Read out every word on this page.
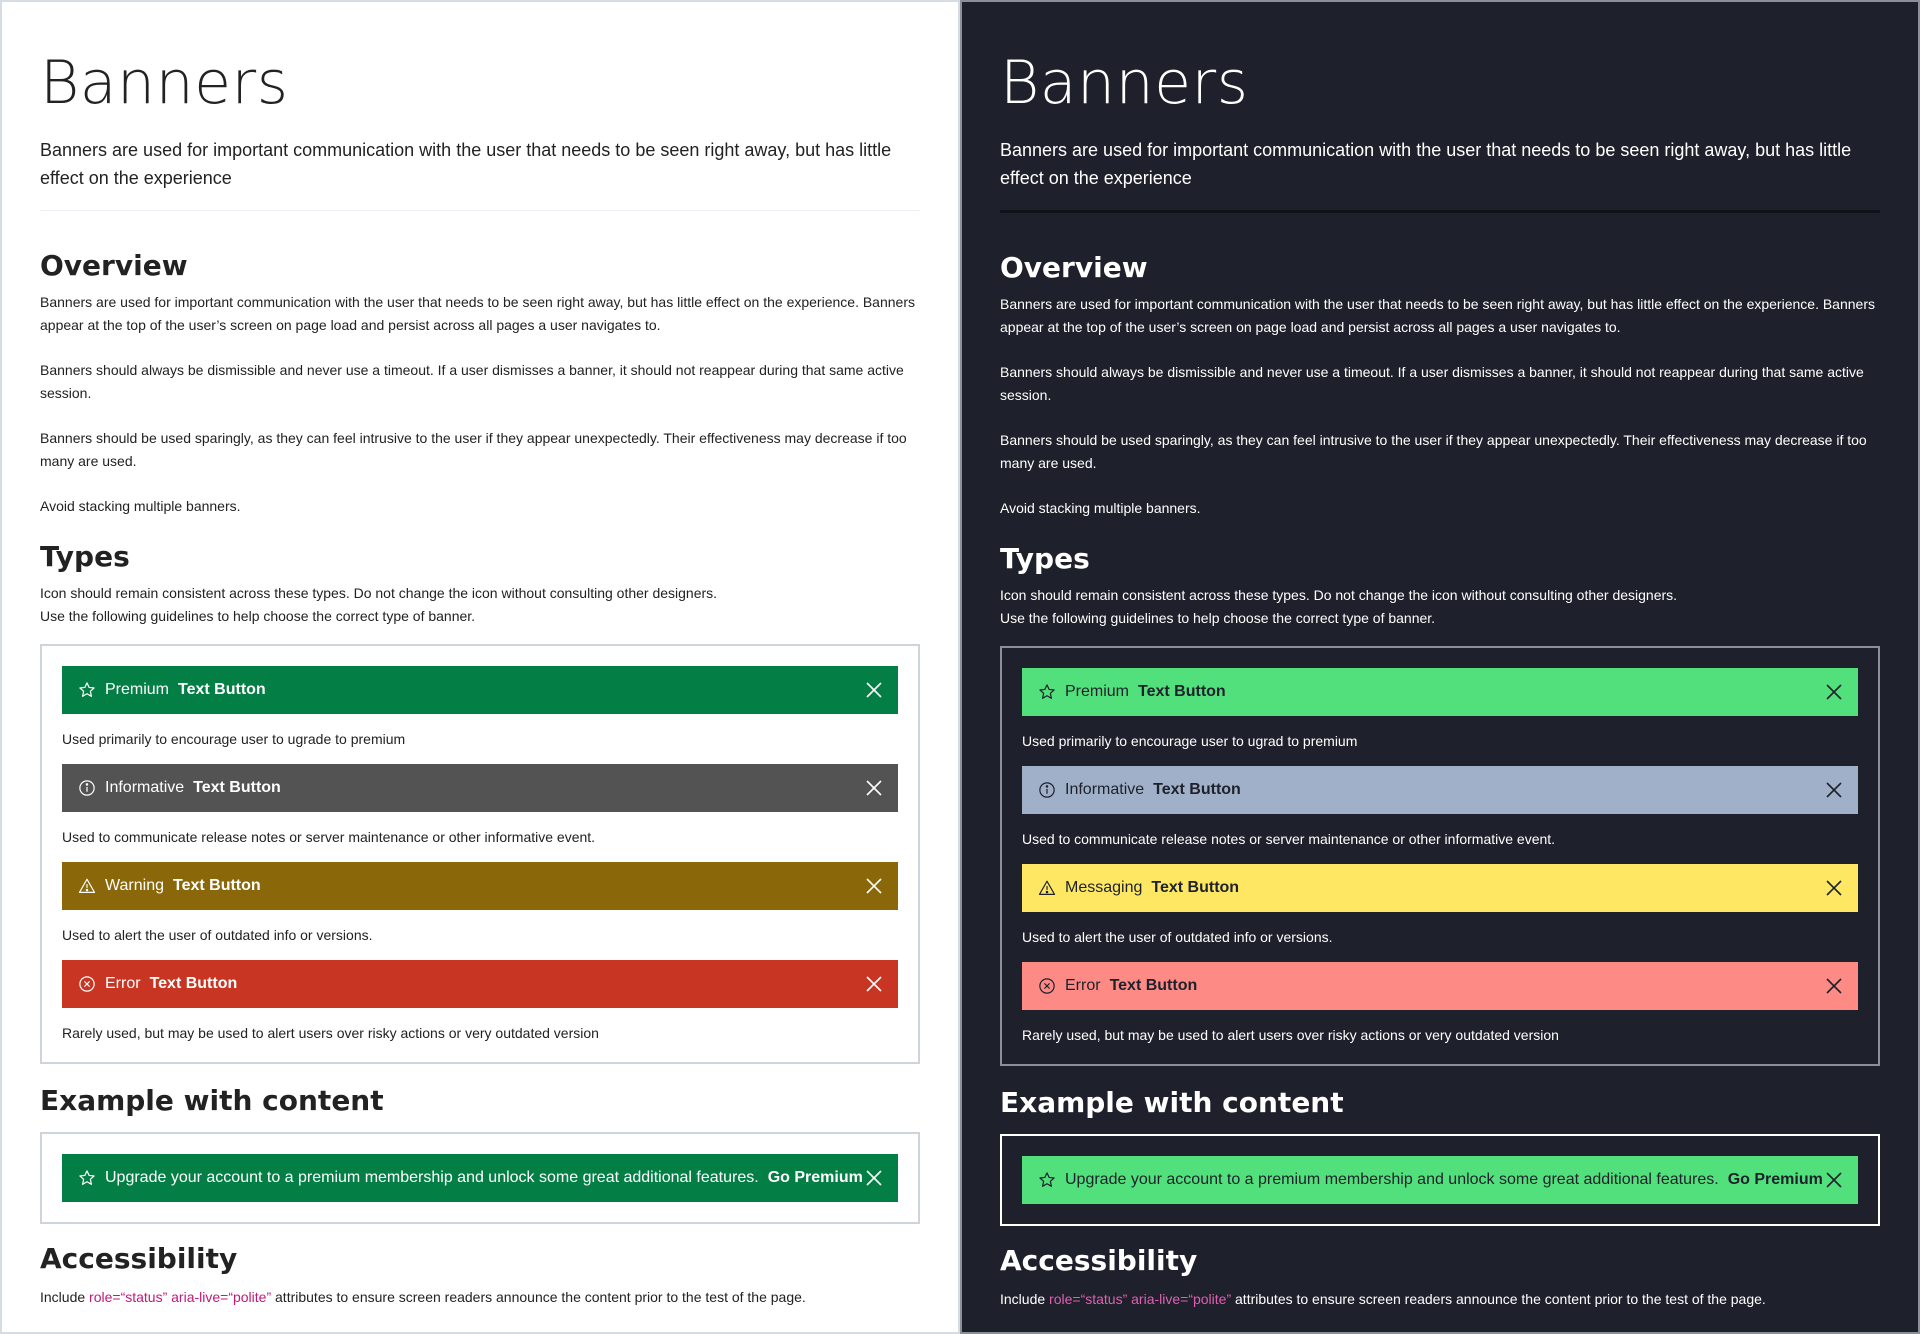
Banners
Banners are used for important communication with the user that needs to be seen right away, but has little effect on the experience
Overview

Banners are used for important communication with the user that needs to be seen right away, but has little effect on the experience. Banners appear at the top of the user’s screen on page load and persist across all pages a user navigates to.

Banners should always be dismissible and never use a timeout. If a user dismisses a banner, it should not reappear during that same active session.

Banners should be used sparingly, as they can feel intrusive to the user if they appear unexpectedly. Their effectiveness may decrease if too many are used.

Avoid stacking multiple banners.

Types
Icon should remain consistent across these types. Do not change the icon without consulting other designers.
Use the following guidelines to help choose the correct type of banner.
Premium Text Button
Used primarily to encourage user to ugrade to premium
Informative Text Button
Used to communicate release notes or server maintenance or other informative event.
Warning Text Button
Used to alert the user of outdated info or versions.
Error Text Button
Rarely used, but may be used to alert users over risky actions or very outdated version
Example with content
Upgrade your account to a premium membership and unlock some great additional features. Go Premium
Accessibility
Include role=“status” aria-live=“polite” attributes to ensure screen readers announce the content prior to the test of the page.
Banners
Banners are used for important communication with the user that needs to be seen right away, but has little effect on the experience
Overview

Banners are used for important communication with the user that needs to be seen right away, but has little effect on the experience. Banners appear at the top of the user’s screen on page load and persist across all pages a user navigates to.

Banners should always be dismissible and never use a timeout. If a user dismisses a banner, it should not reappear during that same active session.

Banners should be used sparingly, as they can feel intrusive to the user if they appear unexpectedly. Their effectiveness may decrease if too many are used.

Avoid stacking multiple banners.

Types
Icon should remain consistent across these types. Do not change the icon without consulting other designers.
Use the following guidelines to help choose the correct type of banner.
Premium Text Button
Used primarily to encourage user to ugrad to premium
Informative Text Button
Used to communicate release notes or server maintenance or other informative event.
Messaging Text Button
Used to alert the user of outdated info or versions.
Error Text Button
Rarely used, but may be used to alert users over risky actions or very outdated version
Example with content
Upgrade your account to a premium membership and unlock some great additional features. Go Premium
Accessibility
Include role=“status” aria-live=“polite” attributes to ensure screen readers announce the content prior to the test of the page.
